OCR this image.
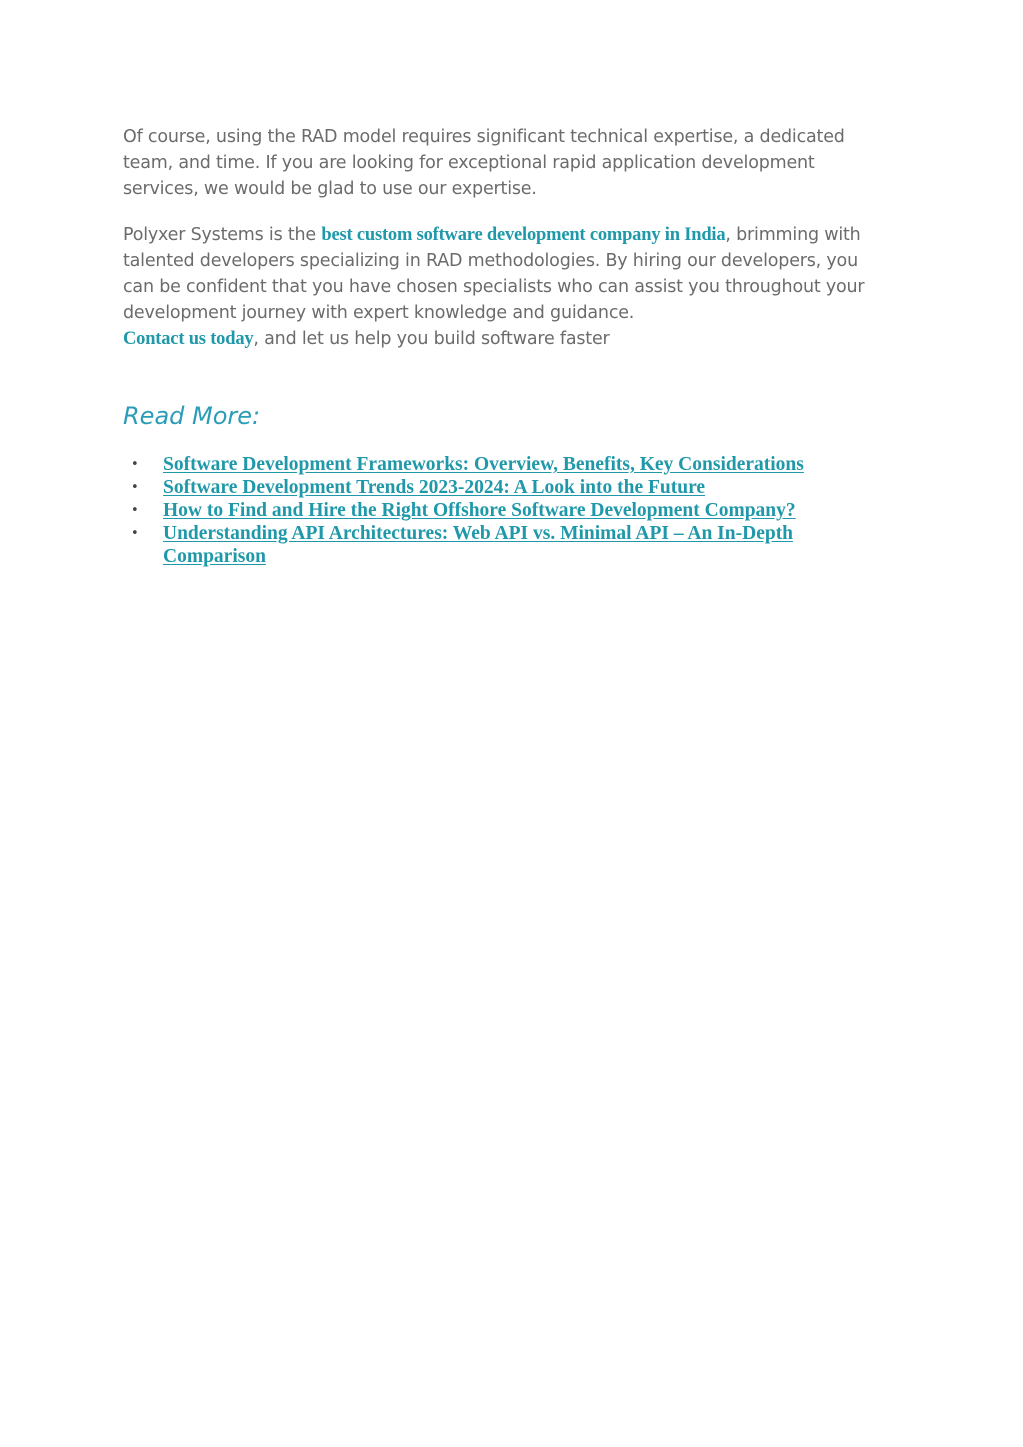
Of course, using the RAD model requires significant technical expertise, a dedicated team, and time. If you are looking for exceptional rapid application development services, we would be glad to use our expertise.

Polyxer Systems is the best custom software development company in India, brimming with talented developers specializing in RAD methodologies. By hiring our developers, you can be confident that you have chosen specialists who can assist you throughout your development journey with expert knowledge and guidance.
Contact us today, and let us help you build software faster

Read More:
• Software Development Frameworks: Overview, Benefits, Key Considerations
• Software Development Trends 2023-2024: A Look into the Future
• How to Find and Hire the Right Offshore Software Development Company?
• Understanding API Architectures: Web API vs. Minimal API – An In-Depth Comparison
